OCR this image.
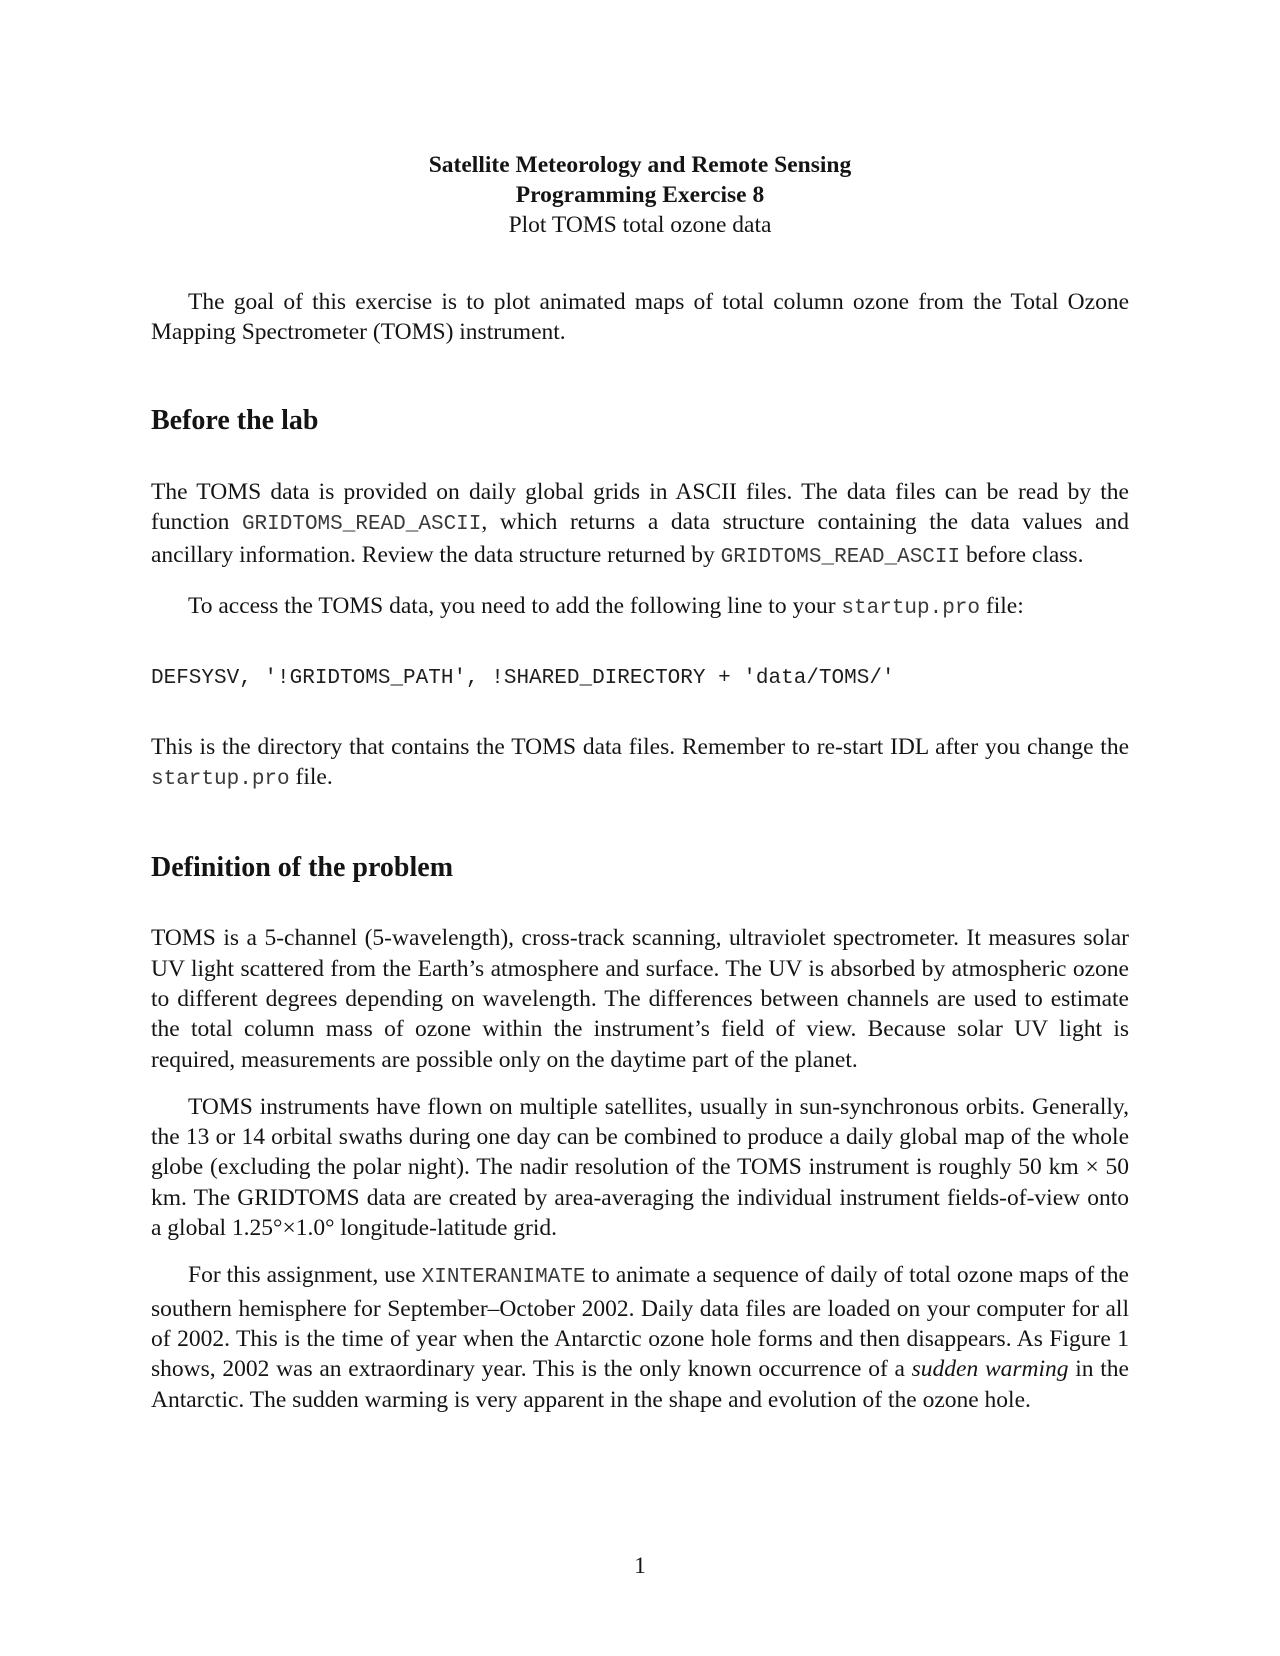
Satellite Meteorology and Remote Sensing
Programming Exercise 8
Plot TOMS total ozone data

The goal of this exercise is to plot animated maps of total column ozone from the Total Ozone Mapping Spectrometer (TOMS) instrument.

Before the lab

The TOMS data is provided on daily global grids in ASCII files. The data files can be read by the function GRIDTOMS_READ_ASCII, which returns a data structure containing the data values and ancillary information. Review the data structure returned by GRIDTOMS_READ_ASCII before class.

To access the TOMS data, you need to add the following line to your startup.pro file:

DEFSYSV, '!GRIDTOMS_PATH', !SHARED_DIRECTORY + 'data/TOMS/'

This is the directory that contains the TOMS data files. Remember to re-start IDL after you change the startup.pro file.

Definition of the problem

TOMS is a 5-channel (5-wavelength), cross-track scanning, ultraviolet spectrometer. It measures solar UV light scattered from the Earth’s atmosphere and surface. The UV is absorbed by atmospheric ozone to different degrees depending on wavelength. The differences between channels are used to estimate the total column mass of ozone within the instrument’s field of view. Because solar UV light is required, measurements are possible only on the daytime part of the planet.

TOMS instruments have flown on multiple satellites, usually in sun-synchronous orbits. Generally, the 13 or 14 orbital swaths during one day can be combined to produce a daily global map of the whole globe (excluding the polar night). The nadir resolution of the TOMS instrument is roughly 50 km × 50 km. The GRIDTOMS data are created by area-averaging the individual instrument fields-of-view onto a global 1.25°×1.0° longitude-latitude grid.

For this assignment, use XINTERANIMATE to animate a sequence of daily of total ozone maps of the southern hemisphere for September–October 2002. Daily data files are loaded on your computer for all of 2002. This is the time of year when the Antarctic ozone hole forms and then disappears. As Figure 1 shows, 2002 was an extraordinary year. This is the only known occurrence of a sudden warming in the Antarctic. The sudden warming is very apparent in the shape and evolution of the ozone hole.

1
